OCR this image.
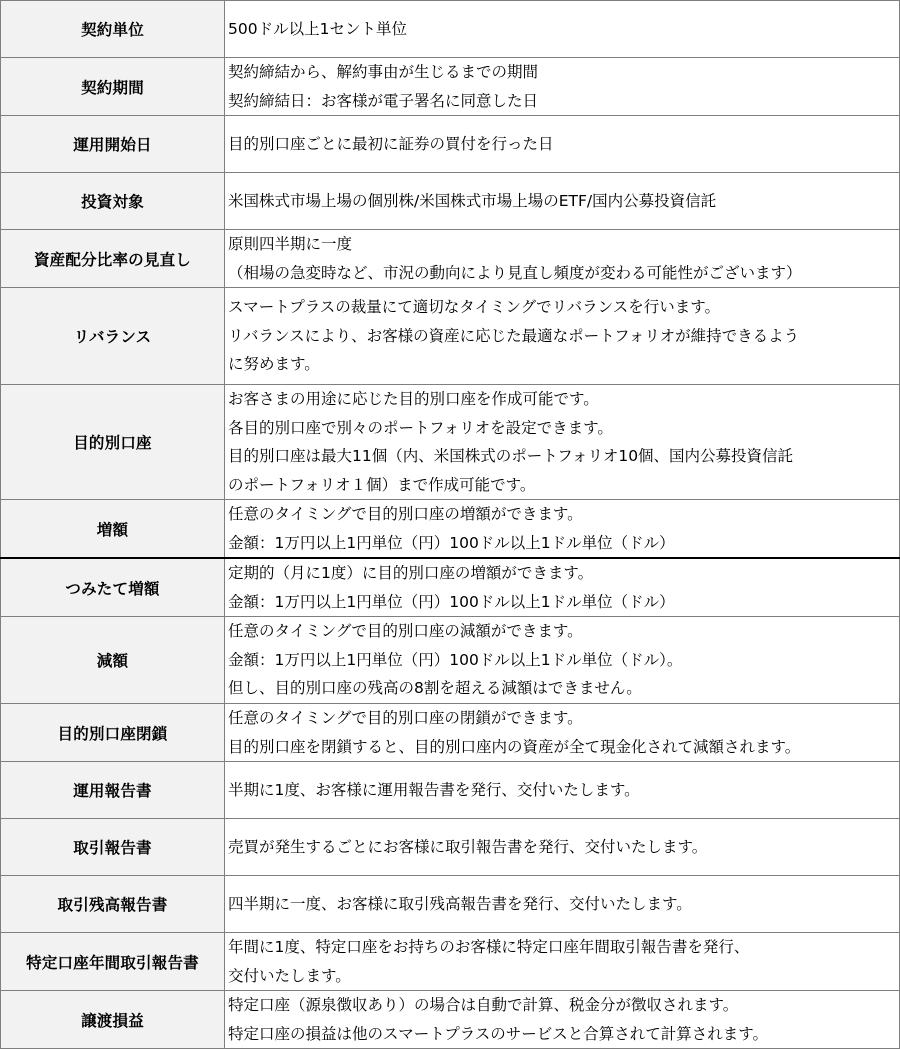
契約単位	500ドル以上1セント単位

契約期間	契約締結から、解約事由が生じるまでの期間
契約締結日：お客様が電子署名に同意した日

運用開始日	目的別口座ごとに最初に証券の買付を行った日

投資対象	米国株式市場上場の個別株/米国株式市場上場のETF/国内公募投資信託

資産配分比率の見直し	原則四半期に一度
（相場の急変時など、市況の動向により見直し頻度が変わる可能性がございます）

リバランス	スマートプラスの裁量にて適切なタイミングでリバランスを行います。
リバランスにより、お客様の資産に応じた最適なポートフォリオが維持できるよう
に努めます。

目的別口座	お客さまの用途に応じた目的別口座を作成可能です。
各目的別口座で別々のポートフォリオを設定できます。
目的別口座は最大11個（内、米国株式のポートフォリオ10個、国内公募投資信託
のポートフォリオ１個）まで作成可能です。

増額	任意のタイミングで目的別口座の増額ができます。
金額：1万円以上1円単位（円）100ドル以上1ドル単位（ドル）

つみたて増額	定期的（月に1度）に目的別口座の増額ができます。
金額：1万円以上1円単位（円）100ドル以上1ドル単位（ドル）

減額	任意のタイミングで目的別口座の減額ができます。
金額：1万円以上1円単位（円）100ドル以上1ドル単位（ドル）。
但し、目的別口座の残高の8割を超える減額はできません。

目的別口座閉鎖	任意のタイミングで目的別口座の閉鎖ができます。
目的別口座を閉鎖すると、目的別口座内の資産が全て現金化されて減額されます。

運用報告書	半期に1度、お客様に運用報告書を発行、交付いたします。

取引報告書	売買が発生するごとにお客様に取引報告書を発行、交付いたします。

取引残高報告書	四半期に一度、お客様に取引残高報告書を発行、交付いたします。

特定口座年間取引報告書	年間に1度、特定口座をお持ちのお客様に特定口座年間取引報告書を発行、
交付いたします。

譲渡損益	特定口座（源泉徴収あり）の場合は自動で計算、税金分が徴収されます。
特定口座の損益は他のスマートプラスのサービスと合算されて計算されます。
